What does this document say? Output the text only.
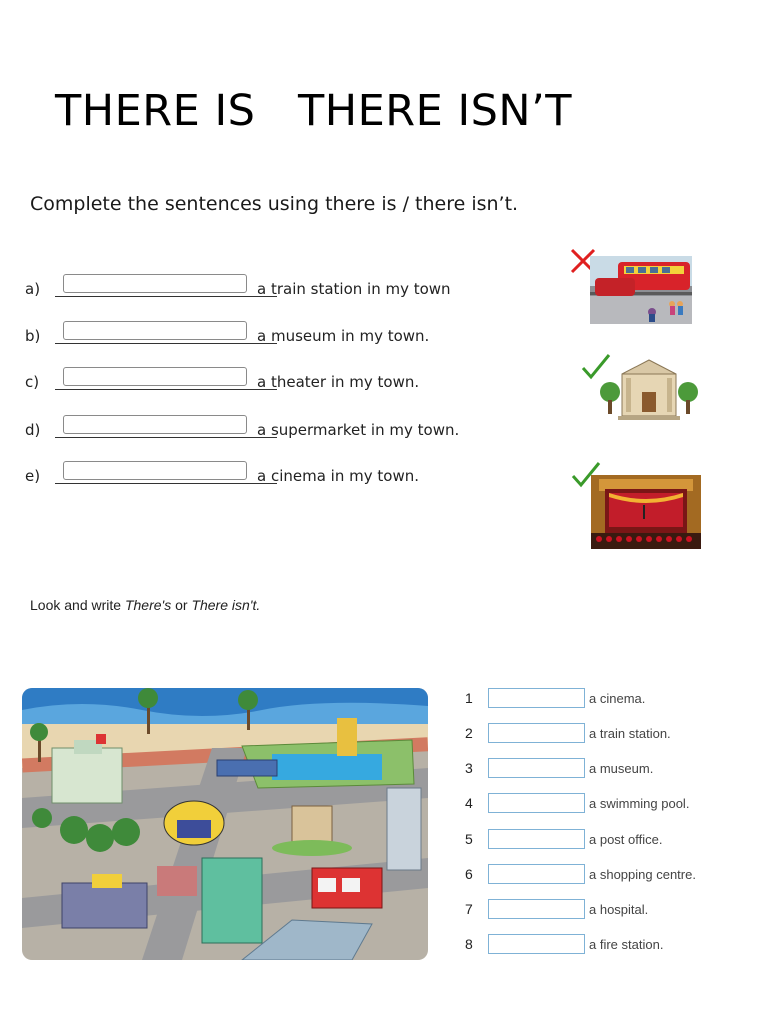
THERE IS   THERE ISN’T
Complete the sentences using there is / there isn’t.
a)	a train station in my town
b)	a museum in my town.
c)	a theater in my town.
d)	a supermarket in my town.
e)	a cinema in my town.
Look and write There's or There isn't.
1	a cinema.
2	a train station.
3	a museum.
4	a swimming pool.
5	a post office.
6	a shopping centre.
7	a hospital.
8	a fire station.
